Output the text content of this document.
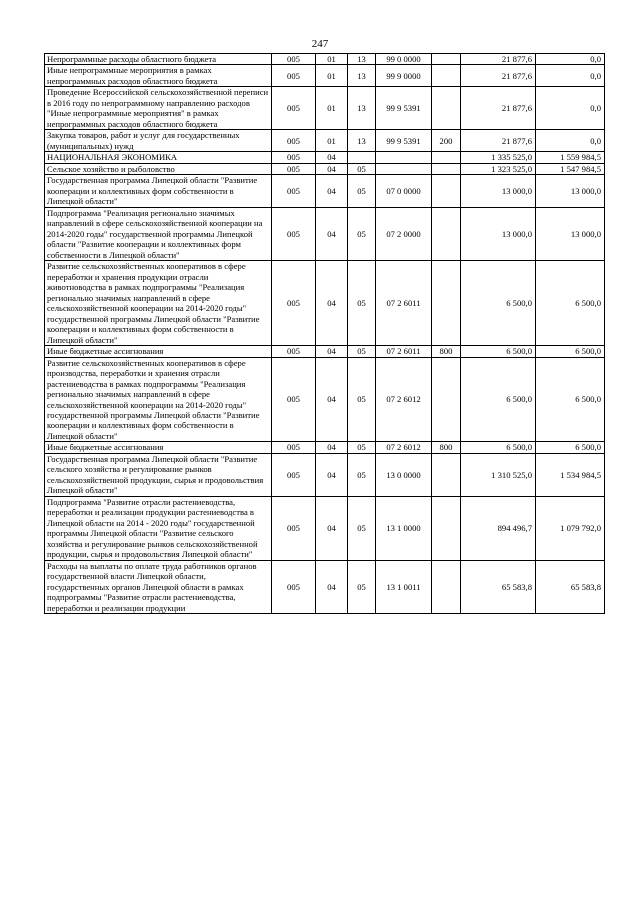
247
Непрограммные расходы областного бюджета	005	01	13	99 0 0000		21 877,6	0,0
Иные непрограммные мероприятия в рамках непрограммных расходов областного бюджета	005	01	13	99 9 0000		21 877,6	0,0
Проведение Всероссийской сельскохозяйственной переписи в 2016 году по непрограммному направлению расходов "Иные непрограммные мероприятия" в рамках непрограммных расходов областного бюджета	005	01	13	99 9 5391		21 877,6	0,0
Закупка товаров, работ и услуг для государственных (муниципальных) нужд	005	01	13	99 9 5391	200	21 877,6	0,0
НАЦИОНАЛЬНАЯ ЭКОНОМИКА	005	04				1 335 525,0	1 559 984,5
Сельское хозяйство и рыболовство	005	04	05			1 323 525,0	1 547 984,5
Государственная программа Липецкой области "Развитие кооперации и коллективных форм собственности в Липецкой области"	005	04	05	07 0 0000		13 000,0	13 000,0
Подпрограмма "Реализация регионально значимых направлений в сфере сельскохозяйственной кооперации на 2014-2020 годы" государственной программы Липецкой области "Развитие кооперации и коллективных форм собственности в Липецкой области"	005	04	05	07 2 0000		13 000,0	13 000,0
Развитие сельскохозяйственных кооперативов в сфере переработки и хранения продукции отрасли животноводства в рамках подпрограммы "Реализация регионально значимых направлений в сфере сельскохозяйственной кооперации на 2014-2020 годы" государственной программы Липецкой области "Развитие кооперации и коллективных форм собственности в Липецкой области"	005	04	05	07 2 6011		6 500,0	6 500,0
Иные бюджетные ассигнования	005	04	05	07 2 6011	800	6 500,0	6 500,0
Развитие сельскохозяйственных кооперативов в сфере производства, переработки и хранения отрасли растениеводства в рамках подпрограммы "Реализация регионально значимых направлений в сфере сельскохозяйственной кооперации на 2014-2020 годы" государственной программы Липецкой области "Развитие кооперации и коллективных форм собственности в Липецкой области"	005	04	05	07 2 6012		6 500,0	6 500,0
Иные бюджетные ассигнования	005	04	05	07 2 6012	800	6 500,0	6 500,0
Государственная программа Липецкой области "Развитие сельского хозяйства и регулирование рынков сельскохозяйственной продукции, сырья и продовольствия Липецкой области"	005	04	05	13 0 0000		1 310 525,0	1 534 984,5
Подпрограмма "Развитие отрасли растениеводства, переработки и реализации продукции растениеводства в Липецкой области на 2014 - 2020 годы" государственной программы Липецкой области "Развитие сельского хозяйства и регулирование рынков сельскохозяйственной продукции, сырья и продовольствия Липецкой области"	005	04	05	13 1 0000		894 496,7	1 079 792,0
Расходы на выплаты по оплате труда работников органов государственной власти Липецкой области, государственных органов Липецкой области в рамках подпрограммы "Развитие отрасли растениеводства, переработки и реализации продукции	005	04	05	13 1 0011		65 583,8	65 583,8
